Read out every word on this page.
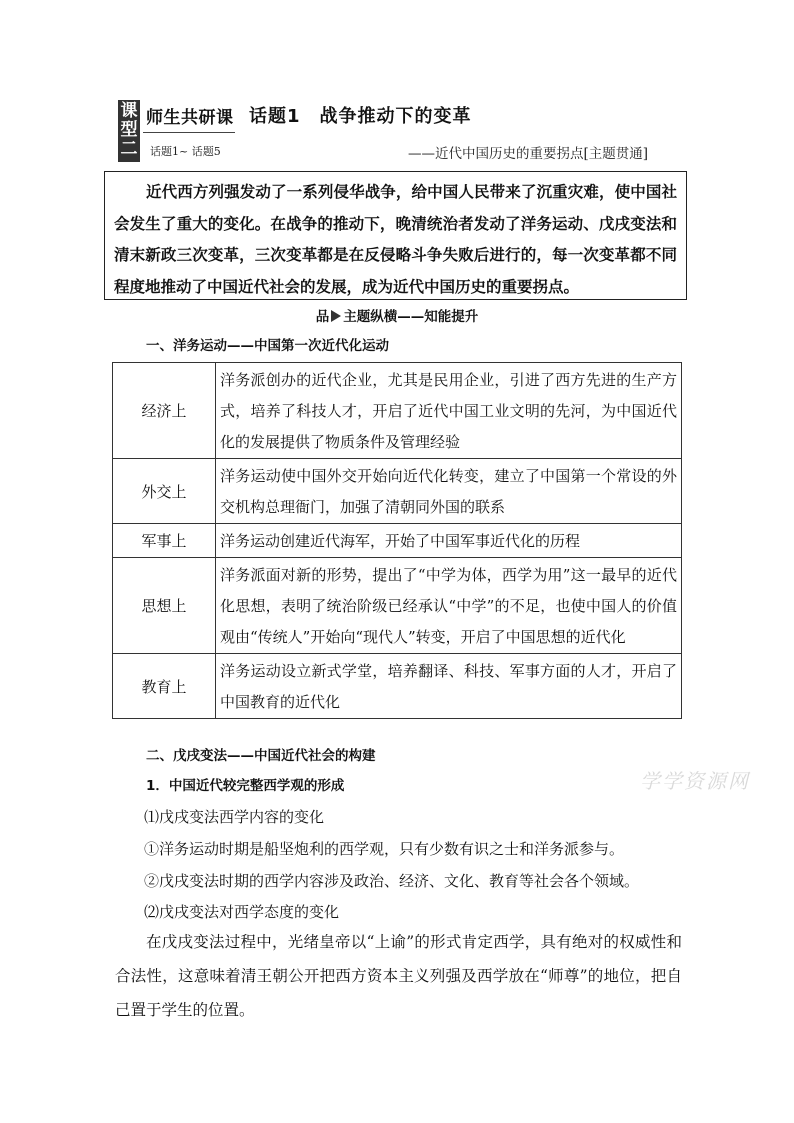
课
型
二
师生共研课
话题1~ 话题5
话题1　战争推动下的变革
——近代中国历史的重要拐点[主题贯通]
近代西方列强发动了一系列侵华战争，给中国人民带来了沉重灾难，使中国社会发生了重大的变化。在战争的推动下，晚清统治者发动了洋务运动、戊戌变法和清末新政三次变革，三次变革都是在反侵略斗争失败后进行的，每一次变革都不同程度地推动了中国近代社会的发展，成为近代中国历史的重要拐点。
品 主题纵横——知能提升
一、洋务运动——中国第一次近代化运动
经济上	洋务派创办的近代企业，尤其是民用企业，引进了西方先进的生产方式，培养了科技人才，开启了近代中国工业文明的先河，为中国近代化的发展提供了物质条件及管理经验
外交上	洋务运动使中国外交开始向近代化转变，建立了中国第一个常设的外交机构总理衙门，加强了清朝同外国的联系
军事上	洋务运动创建近代海军，开始了中国军事近代化的历程
思想上	洋务派面对新的形势，提出了“中学为体，西学为用”这一最早的近代化思想，表明了统治阶级已经承认“中学”的不足，也使中国人的价值观由“传统人”开始向“现代人”转变，开启了中国思想的近代化
教育上	洋务运动设立新式学堂，培养翻译、科技、军事方面的人才，开启了中国教育的近代化
二、戊戌变法——中国近代社会的构建
1．中国近代较完整西学观的形成
⑴戊戌变法西学内容的变化
①洋务运动时期是船坚炮利的西学观，只有少数有识之士和洋务派参与。
②戊戌变法时期的西学内容涉及政治、经济、文化、教育等社会各个领域。
⑵戊戌变法对西学态度的变化
在戊戌变法过程中，光绪皇帝以“上谕”的形式肯定西学，具有绝对的权威性和合法性，这意味着清王朝公开把西方资本主义列强及西学放在“师尊”的地位，把自己置于学生的位置。
学学资源网
